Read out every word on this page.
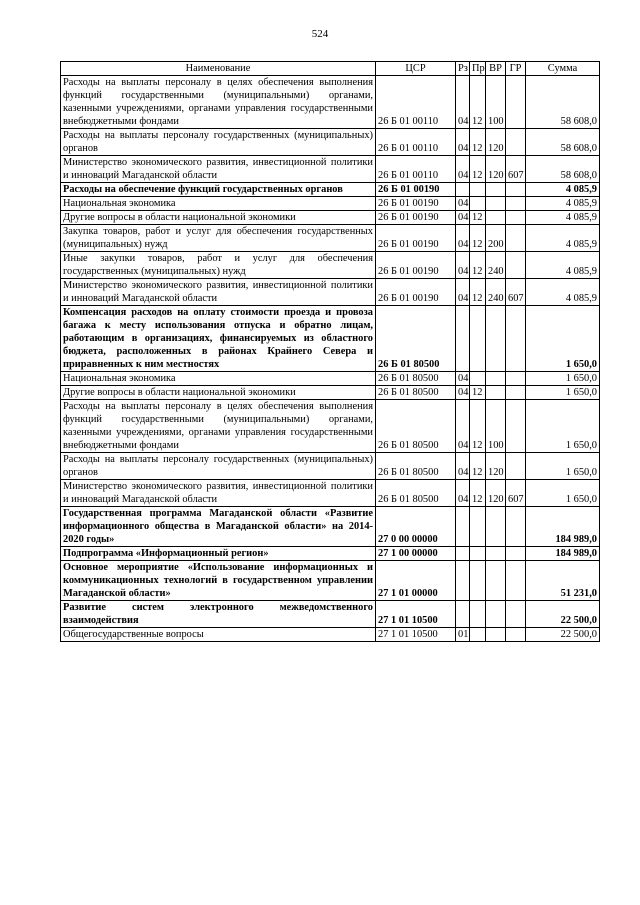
524
Наименование	ЦСР	Рз	Пр	ВР	ГР	Сумма
Расходы на выплаты персоналу в целях обеспечения выполнения функций государственными (муниципальными) органами, казенными учреждениями, органами управления государственными внебюджетными фондами	26 Б 01 00110	04	12	100		58 608,0
Расходы на выплаты персоналу государственных (муниципальных) органов	26 Б 01 00110	04	12	120		58 608,0
Министерство экономического развития, инвестиционной политики и инноваций Магаданской области	26 Б 01 00110	04	12	120	607	58 608,0
Расходы на обеспечение функций государственных органов	26 Б 01 00190					4 085,9
Национальная экономика	26 Б 01 00190	04				4 085,9
Другие вопросы в области национальной экономики	26 Б 01 00190	04	12			4 085,9
Закупка товаров, работ и услуг для обеспечения государственных (муниципальных) нужд	26 Б 01 00190	04	12	200		4 085,9
Иные закупки товаров, работ и услуг для обеспечения государственных (муниципальных) нужд	26 Б 01 00190	04	12	240		4 085,9
Министерство экономического развития, инвестиционной политики и инноваций Магаданской области	26 Б 01 00190	04	12	240	607	4 085,9
Компенсация расходов на оплату стоимости проезда и провоза багажа к месту использования отпуска и обратно лицам, работающим в организациях, финансируемых из областного бюджета, расположенных в районах Крайнего Севера и приравненных к ним местностях	26 Б 01 80500					1 650,0
Национальная экономика	26 Б 01 80500	04				1 650,0
Другие вопросы в области национальной экономики	26 Б 01 80500	04	12			1 650,0
Расходы на выплаты персоналу в целях обеспечения выполнения функций государственными (муниципальными) органами, казенными учреждениями, органами управления государственными внебюджетными фондами	26 Б 01 80500	04	12	100		1 650,0
Расходы на выплаты персоналу государственных (муниципальных) органов	26 Б 01 80500	04	12	120		1 650,0
Министерство экономического развития, инвестиционной политики и инноваций Магаданской области	26 Б 01 80500	04	12	120	607	1 650,0
Государственная программа Магаданской области «Развитие информационного общества в Магаданской области» на 2014-2020 годы»	27 0 00 00000					184 989,0
Подпрограмма «Информационный регион»	27 1 00 00000					184 989,0
Основное мероприятие «Использование информационных и коммуникационных технологий в государственном управлении Магаданской области»	27 1 01 00000					51 231,0
Развитие систем электронного межведомственного взаимодействия	27 1 01 10500					22 500,0
Общегосударственные вопросы	27 1 01 10500	01				22 500,0
